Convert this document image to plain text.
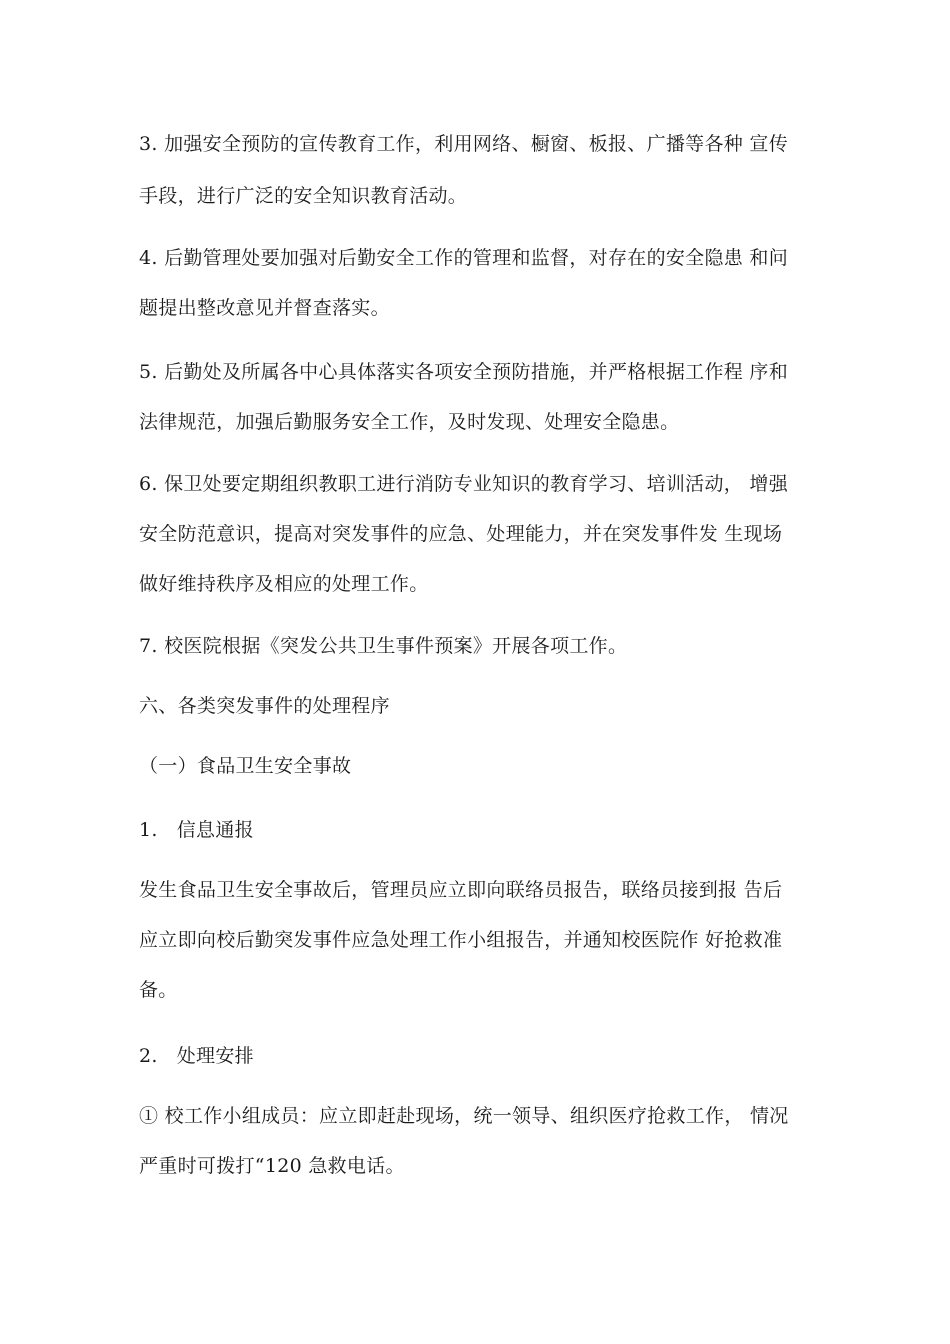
3. 加强安全预防的宣传教育工作，利用网络、橱窗、板报、广播等各种 宣传
手段，进行广泛的安全知识教育活动。
4. 后勤管理处要加强对后勤安全工作的管理和监督，对存在的安全隐患 和问
题提出整改意见并督查落实。
5. 后勤处及所属各中心具体落实各项安全预防措施，并严格根据工作程 序和
法律规范，加强后勤服务安全工作，及时发现、处理安全隐患。
6. 保卫处要定期组织教职工进行消防专业知识的教育学习、培训活动， 增强
安全防范意识，提高对突发事件的应急、处理能力，并在突发事件发 生现场
做好维持秩序及相应的处理工作。
7. 校医院根据《突发公共卫生事件预案》开展各项工作。
六、各类突发事件的处理程序
（一）食品卫生安全事故
1.   信息通报
发生食品卫生安全事故后，管理员应立即向联络员报告，联络员接到报 告后
应立即向校后勤突发事件应急处理工作小组报告，并通知校医院作 好抢救准
备。
2.   处理安排
① 校工作小组成员：应立即赶赴现场，统一领导、组织医疗抢救工作， 情况
严重时可拨打“120 急救电话。
